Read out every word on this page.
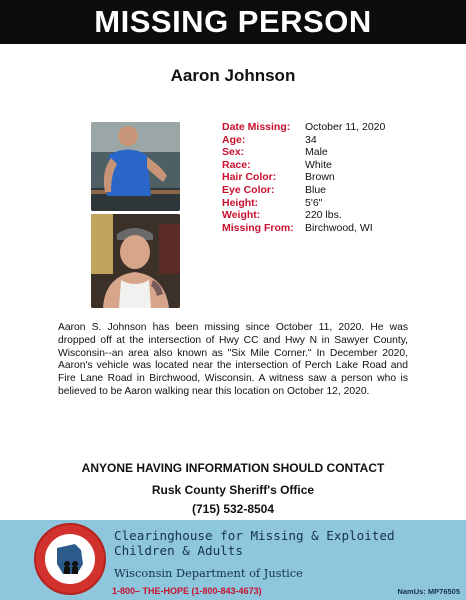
MISSING PERSON
Aaron Johnson
Date Missing:	October 11, 2020
Age:	34
Sex:	Male
Race:	White
Hair Color:	Brown
Eye Color:	Blue
Height:	5'6"
Weight:	220 lbs.
Missing From:	Birchwood, WI

Aaron S. Johnson has been missing since October 11, 2020. He was dropped off at the intersection of Hwy CC and Hwy N in Sawyer County, Wisconsin--an area also known as "Six Mile Corner." In December 2020, Aaron's vehicle was located near the intersection of Perch Lake Road and Fire Lane Road in Birchwood, Wisconsin. A witness saw a person who is believed to be Aaron walking near this location on October 12, 2020.

ANYONE HAVING INFORMATION SHOULD CONTACT
Rusk County Sheriff's Office
(715) 532-8504
Clearinghouse for Missing & Exploited
Children & Adults
Wisconsin Department of Justice
1-800– THE-HOPE (1-800-843-4673)	NamUs: MP76505
